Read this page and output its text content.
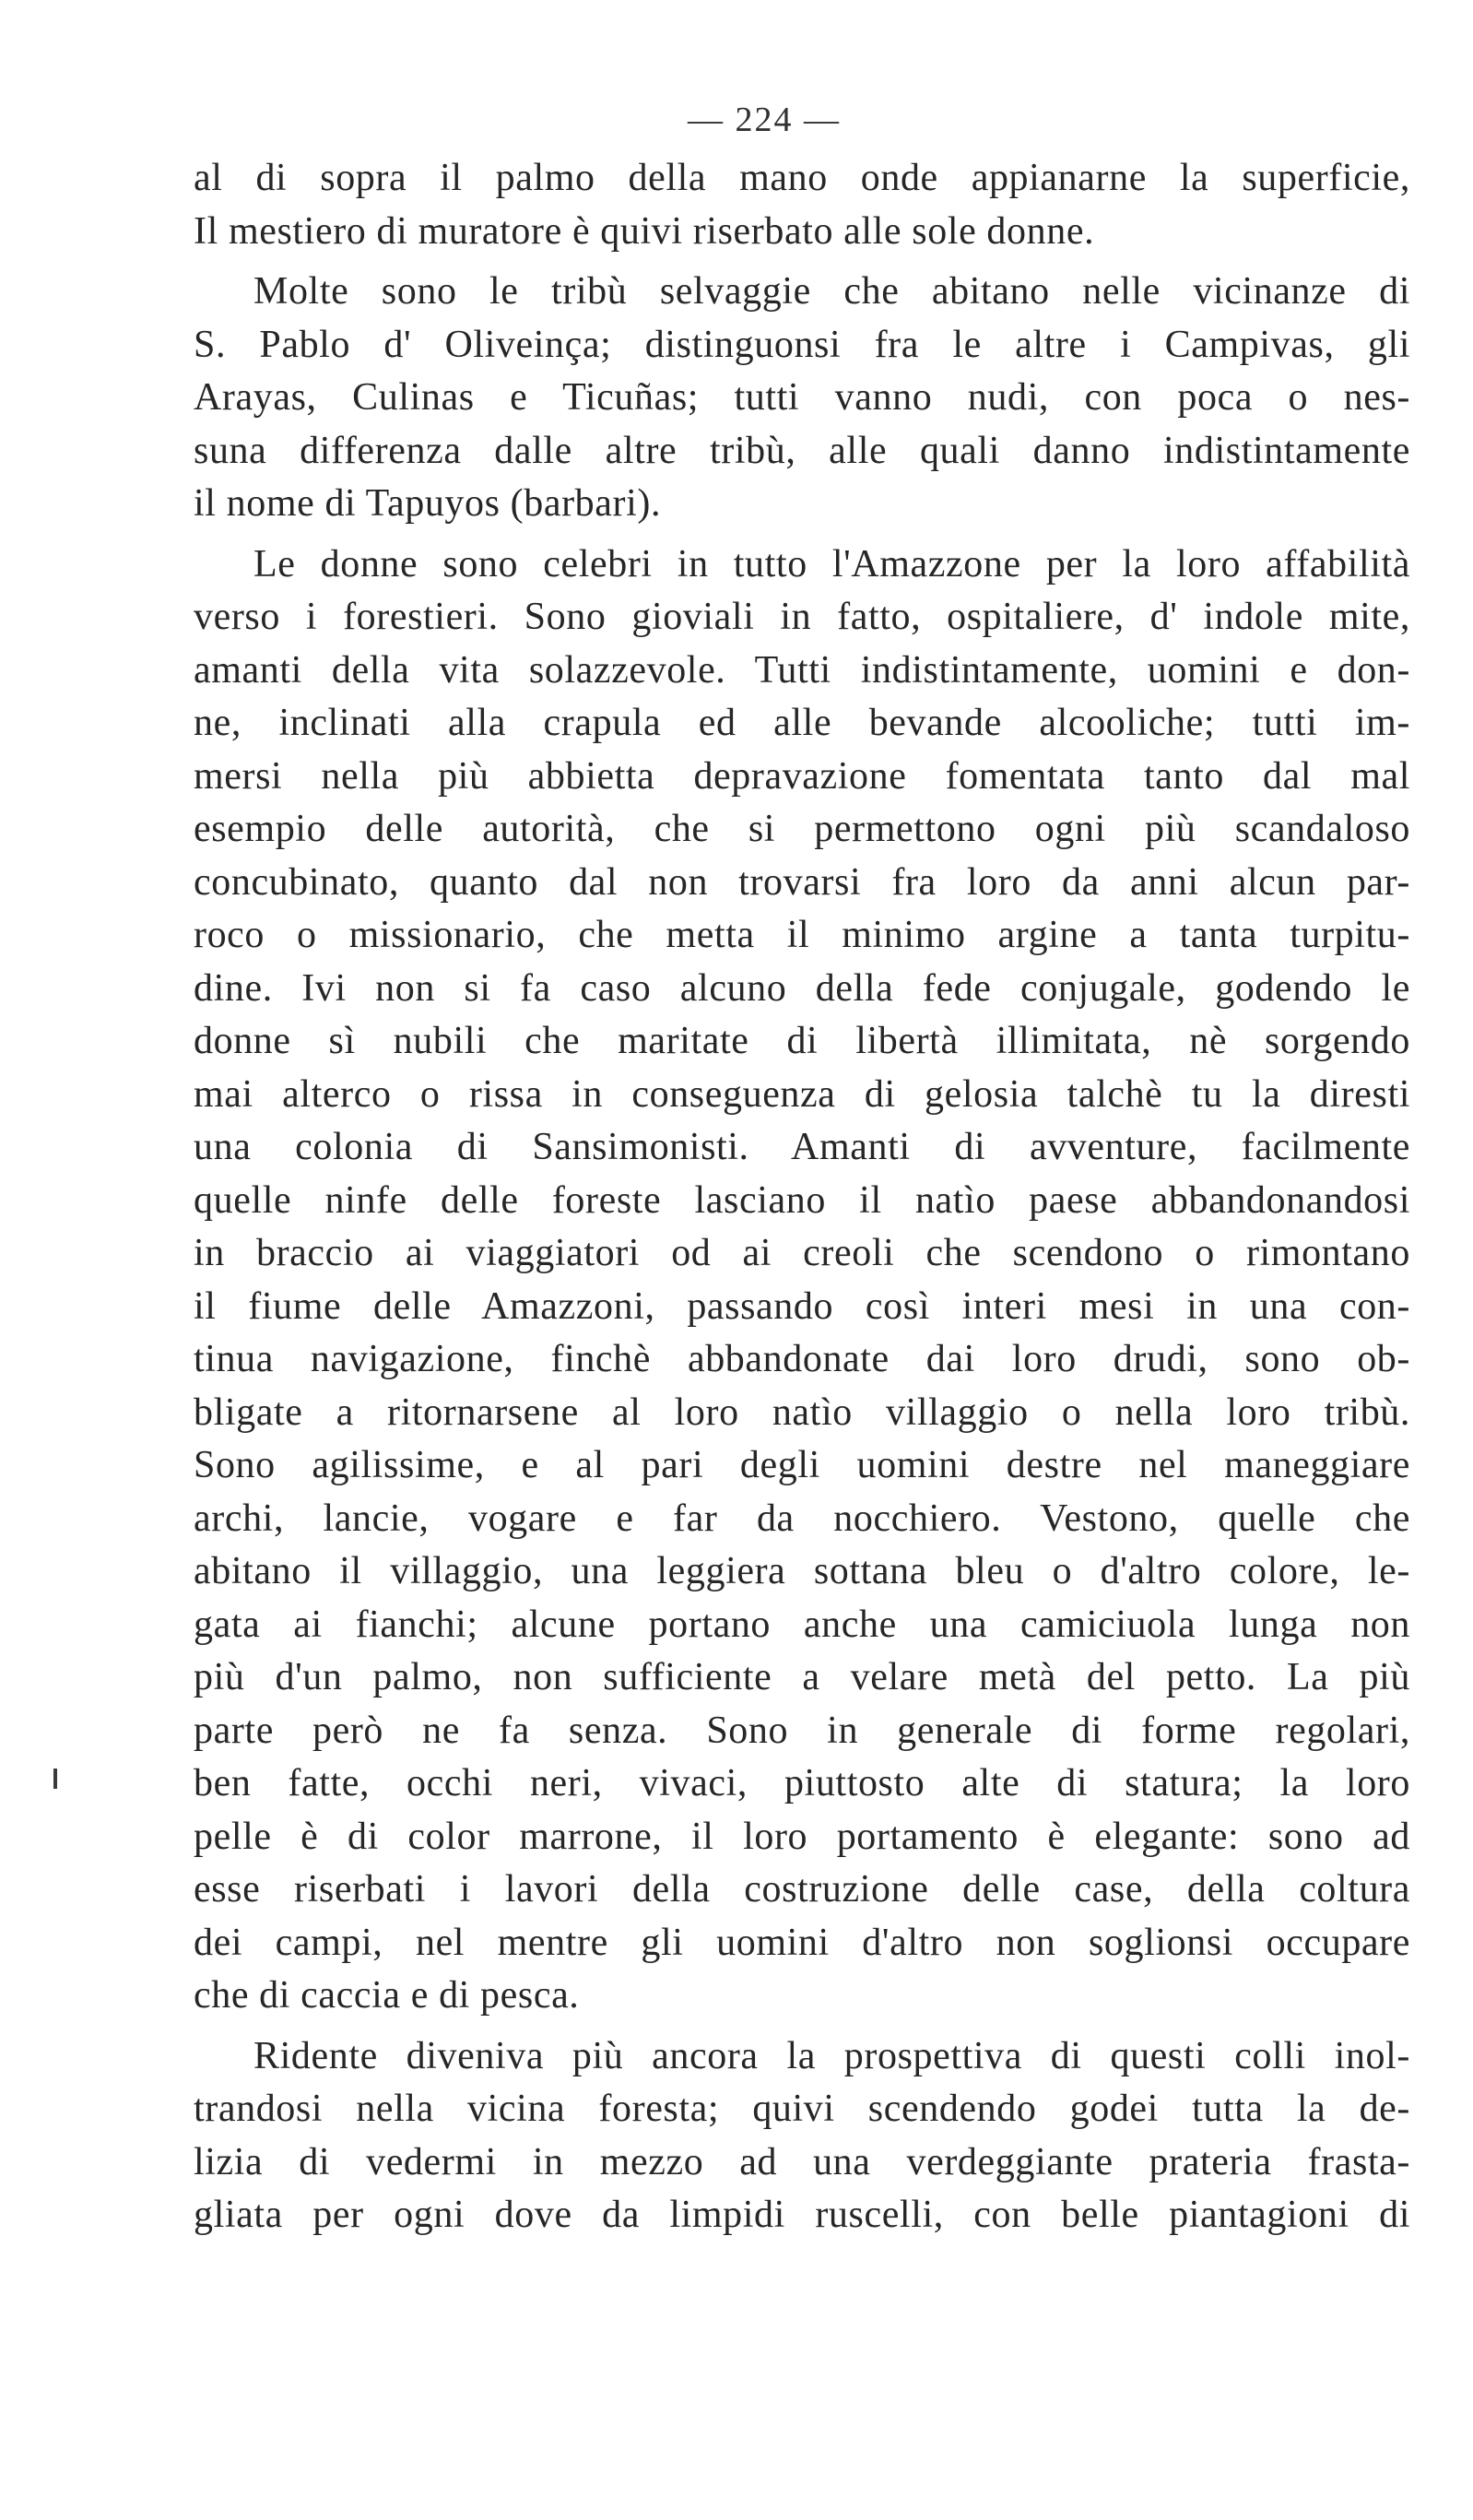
— 224 —
al di sopra il palmo della mano onde appianarne la superficie,
Il mestiero di muratore è quivi riserbato alle sole donne.
Molte sono le tribù selvaggie che abitano nelle vicinanze di
S. Pablo d' Oliveinça; distinguonsi fra le altre i Campivas, gli
Arayas, Culinas e Ticuñas; tutti vanno nudi, con poca o nes-
suna differenza dalle altre tribù, alle quali danno indistintamente
il nome di Tapuyos (barbari).
Le donne sono celebri in tutto l'Amazzone per la loro affabilità
verso i forestieri. Sono gioviali in fatto, ospitaliere, d' indole mite,
amanti della vita solazzevole. Tutti indistintamente, uomini e don-
ne, inclinati alla crapula ed alle bevande alcooliche; tutti im-
mersi nella più abbietta depravazione fomentata tanto dal mal
esempio delle autorità, che si permettono ogni più scandaloso
concubinato, quanto dal non trovarsi fra loro da anni alcun par-
roco o missionario, che metta il minimo argine a tanta turpitu-
dine. Ivi non si fa caso alcuno della fede conjugale, godendo le
donne sì nubili che maritate di libertà illimitata, nè sorgendo
mai alterco o rissa in conseguenza di gelosia talchè tu la diresti
una colonia di Sansimonisti. Amanti di avventure, facilmente
quelle ninfe delle foreste lasciano il natìo paese abbandonandosi
in braccio ai viaggiatori od ai creoli che scendono o rimontano
il fiume delle Amazzoni, passando così interi mesi in una con-
tinua navigazione, finchè abbandonate dai loro drudi, sono ob-
bligate a ritornarsene al loro natìo villaggio o nella loro tribù.
Sono agilissime, e al pari degli uomini destre nel maneggiare
archi, lancie, vogare e far da nocchiero. Vestono, quelle che
abitano il villaggio, una leggiera sottana bleu o d'altro colore, le-
gata ai fianchi; alcune portano anche una camiciuola lunga non
più d'un palmo, non sufficiente a velare metà del petto. La più
parte però ne fa senza. Sono in generale di forme regolari,
ben fatte, occhi neri, vivaci, piuttosto alte di statura; la loro
pelle è di color marrone, il loro portamento è elegante: sono ad
esse riserbati i lavori della costruzione delle case, della coltura
dei campi, nel mentre gli uomini d'altro non soglionsi occupare
che di caccia e di pesca.
Ridente diveniva più ancora la prospettiva di questi colli inol-
trandosi nella vicina foresta; quivi scendendo godei tutta la de-
lizia di vedermi in mezzo ad una verdeggiante prateria frasta-
gliata per ogni dove da limpidi ruscelli, con belle piantagioni di
